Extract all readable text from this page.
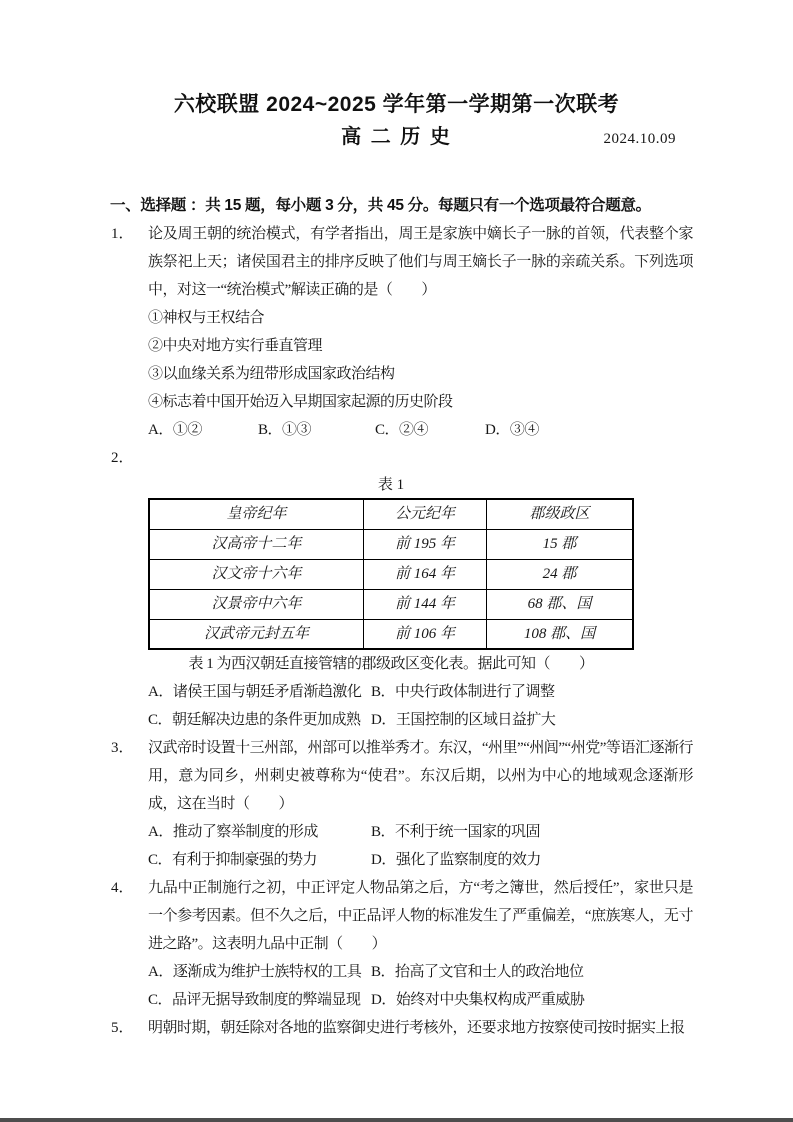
六校联盟 2024~2025 学年第一学期第一次联考
高 二 历 史	2024.10.09
一、选择题 ：共 15 题，每小题 3 分，共 45 分。每题只有一个选项最符合题意。
1． 论及周王朝的统治模式，有学者指出，周王是家族中嫡长子一脉的首领，代表整个家族祭祀上天；诸侯国君主的排序反映了他们与周王嫡长子一脉的亲疏关系。下列选项中，对这一“统治模式”解读正确的是（　　）
①神权与王权结合
②中央对地方实行垂直管理
③以血缘关系为纽带形成国家政治结构
④标志着中国开始迈入早期国家起源的历史阶段
A．①②	B．①③	C．②④	D．③④
2．
表 1
皇帝纪年	公元纪年	郡级政区
汉高帝十二年	前 195 年	15 郡
汉文帝十六年	前 164 年	24 郡
汉景帝中六年	前 144 年	68 郡、国
汉武帝元封五年	前 106 年	108 郡、国
表 1 为西汉朝廷直接管辖的郡级政区变化表。据此可知（　　）
A．诸侯王国与朝廷矛盾渐趋激化 B．中央行政体制进行了调整
C．朝廷解决边患的条件更加成熟 D．王国控制的区域日益扩大
3． 汉武帝时设置十三州部，州部可以推举秀才。东汉，“州里”“州闾”“州党”等语汇逐渐行用，意为同乡，州刺史被尊称为“使君”。东汉后期，以州为中心的地域观念逐渐形成，这在当时（　　）
A．推动了察举制度的形成	B．不利于统一国家的巩固
C．有利于抑制豪强的势力	D．强化了监察制度的效力
4． 九品中正制施行之初，中正评定人物品第之后，方“考之簿世，然后授任”，家世只是一个参考因素。但不久之后，中正品评人物的标准发生了严重偏差，“庶族寒人，无寸进之路”。这表明九品中正制（　　）
A．逐渐成为维护士族特权的工具 B．抬高了文官和士人的政治地位
C．品评无据导致制度的弊端显现 D．始终对中央集权构成严重威胁
5． 明朝时期，朝廷除对各地的监察御史进行考核外，还要求地方按察使司按时据实上报
